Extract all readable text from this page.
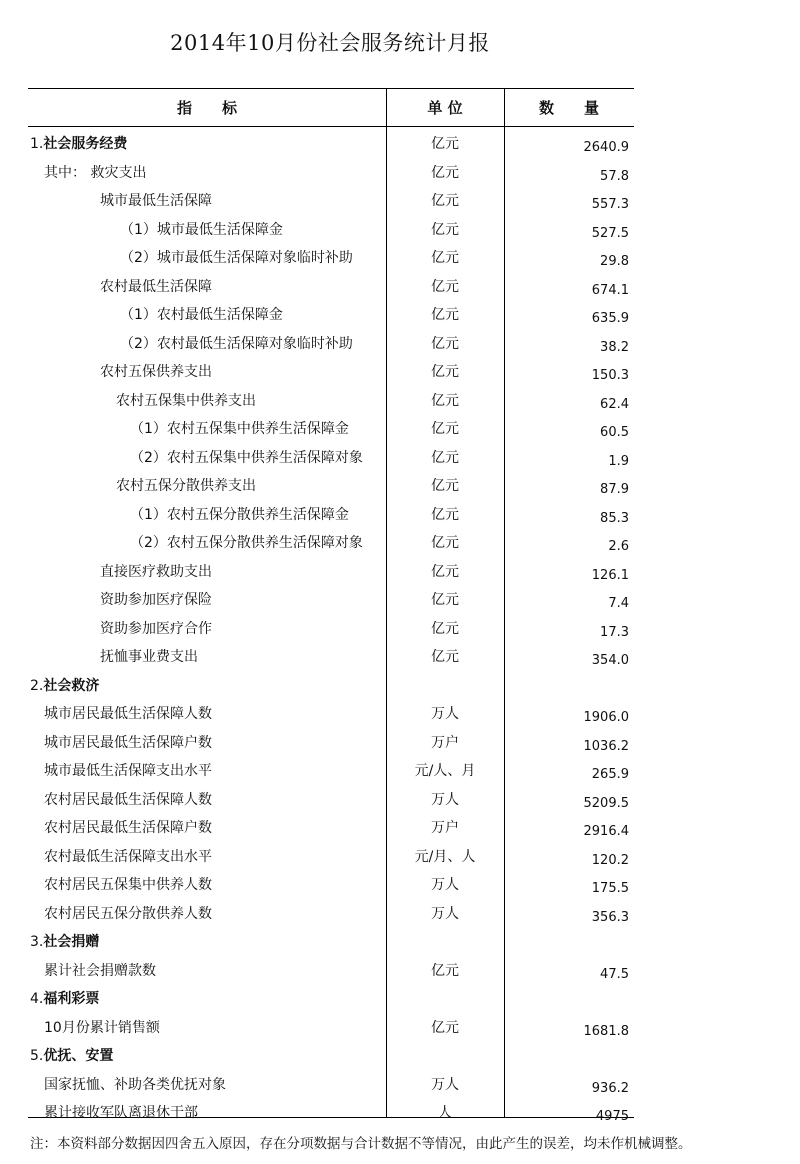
2014年10月份社会服务统计月报
指　　标	单 位	数　　量
1.社会服务经费	亿元	2640.9
其中： 救灾支出	亿元	57.8
城市最低生活保障	亿元	557.3
（1）城市最低生活保障金	亿元	527.5
（2）城市最低生活保障对象临时补助	亿元	29.8
农村最低生活保障	亿元	674.1
（1）农村最低生活保障金	亿元	635.9
（2）农村最低生活保障对象临时补助	亿元	38.2
农村五保供养支出	亿元	150.3
农村五保集中供养支出	亿元	62.4
（1）农村五保集中供养生活保障金	亿元	60.5
（2）农村五保集中供养生活保障对象	亿元	1.9
农村五保分散供养支出	亿元	87.9
（1）农村五保分散供养生活保障金	亿元	85.3
（2）农村五保分散供养生活保障对象	亿元	2.6
直接医疗救助支出	亿元	126.1
资助参加医疗保险	亿元	7.4
资助参加医疗合作	亿元	17.3
抚恤事业费支出	亿元	354.0
2.社会救济
城市居民最低生活保障人数	万人	1906.0
城市居民最低生活保障户数	万户	1036.2
城市最低生活保障支出水平	元/人、月	265.9
农村居民最低生活保障人数	万人	5209.5
农村居民最低生活保障户数	万户	2916.4
农村最低生活保障支出水平	元/月、人	120.2
农村居民五保集中供养人数	万人	175.5
农村居民五保分散供养人数	万人	356.3
3.社会捐赠
累计社会捐赠款数	亿元	47.5
4.福利彩票
10月份累计销售额	亿元	1681.8
5.优抚、安置
国家抚恤、补助各类优抚对象	万人	936.2
累计接收军队离退休干部	人	4975
注：本资料部分数据因四舍五入原因，存在分项数据与合计数据不等情况，由此产生的误差，均未作机械调整。
